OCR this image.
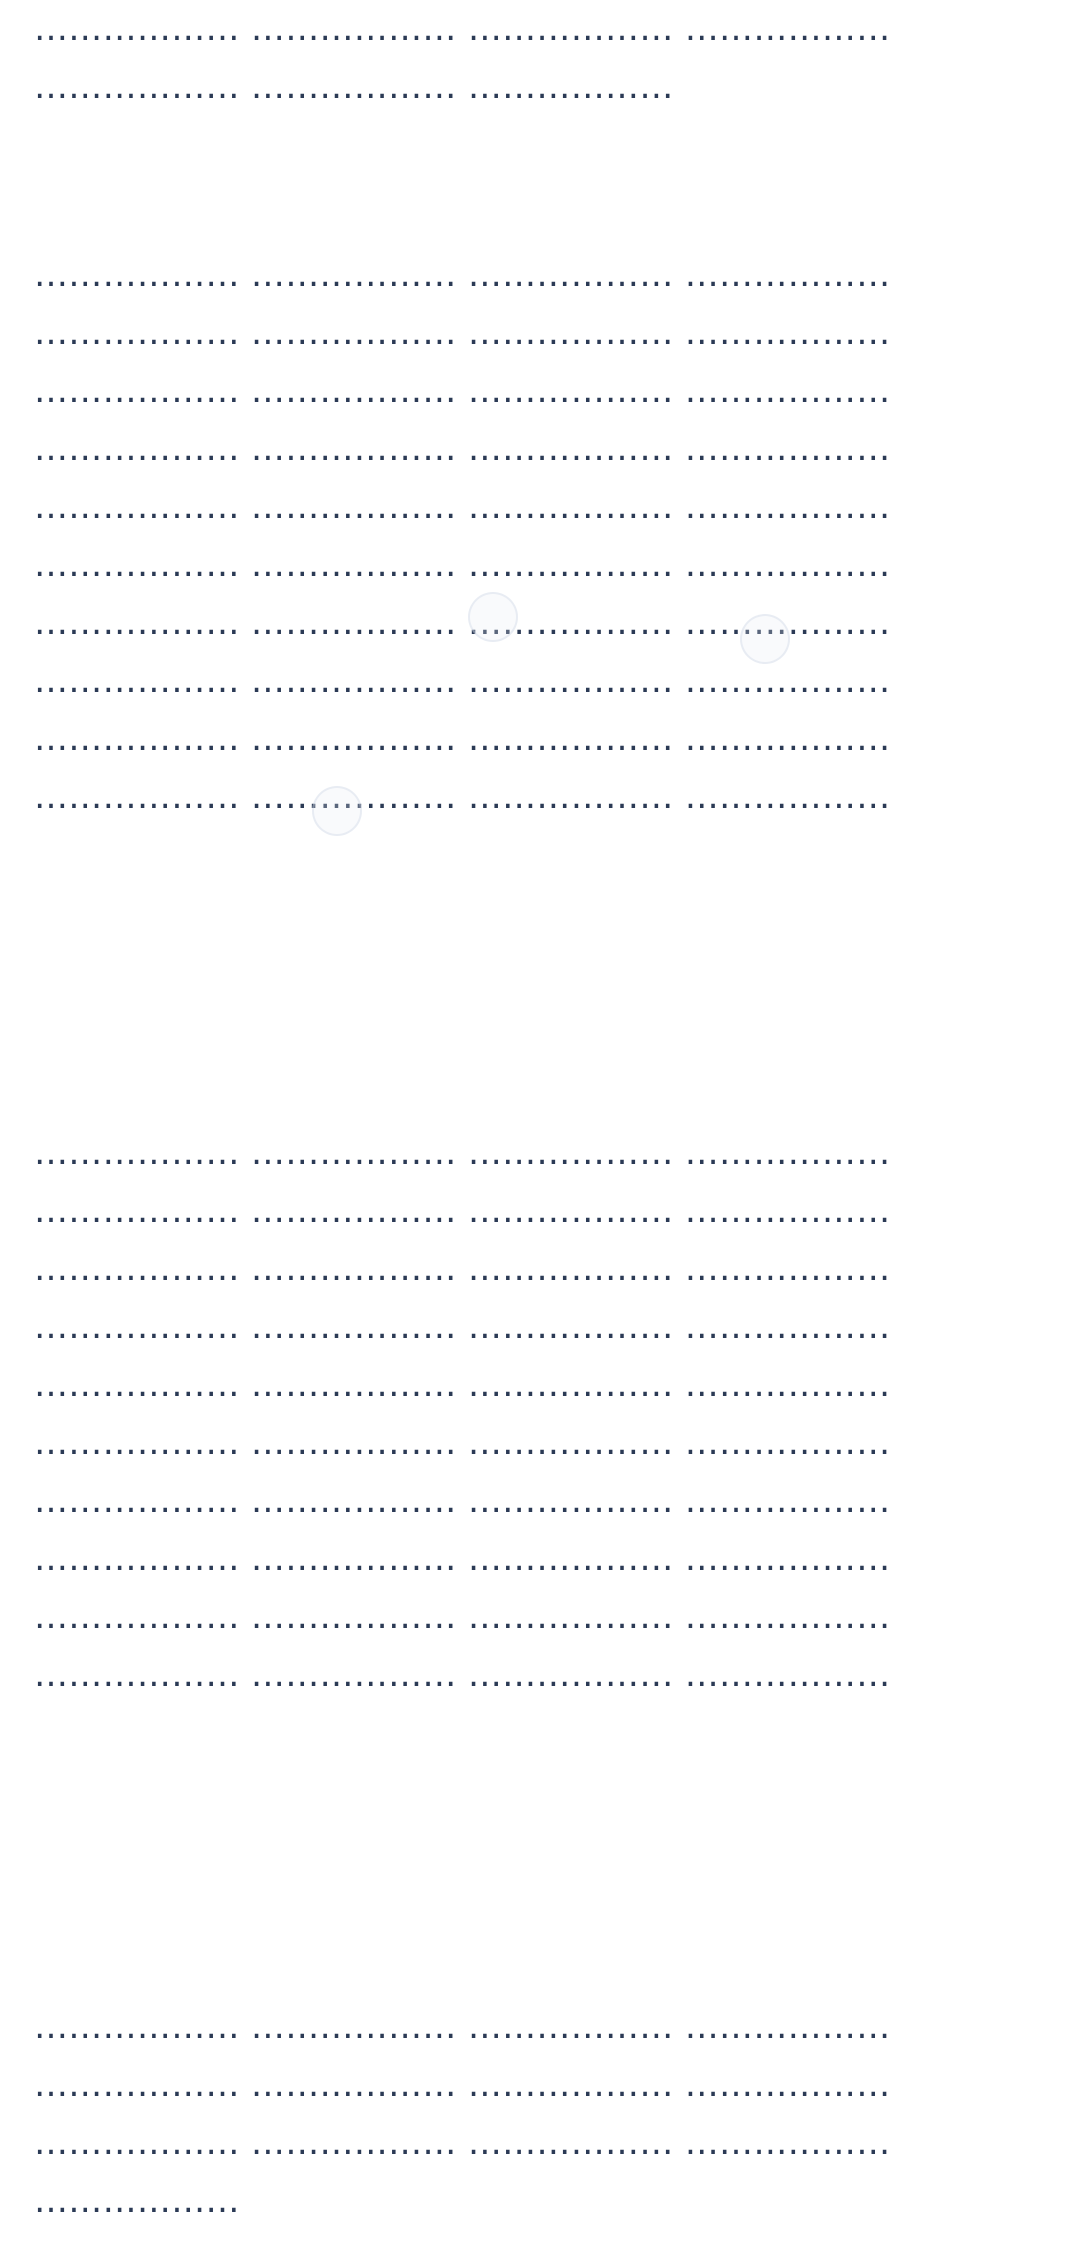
……………… ……………… ……………… ……………… ……………… ……………… ………………

……………… ……………… ……………… ……………… ……………… ……………… ……………… ……………… ……………… ……………… ……………… ……………… ……………… ……………… ……………… ……………… ……………… ……………… ……………… ……………… ……………… ……………… ……………… ……………… ……………… ……………… ……………… ……………… ……………… ……………… ……………… ……………… ……………… ……………… ……………… ……………… ……………… ……………… ……………… ………………

……………… ……………… ……………… ……………… ……………… ……………… ……………… ……………… ……………… ……………… ……………… ……………… ……………… ……………… ……………… ……………… ……………… ……………… ……………… ……………… ……………… ……………… ……………… ……………… ……………… ……………… ……………… ……………… ……………… ……………… ……………… ……………… ……………… ……………… ……………… ……………… ……………… ……………… ……………… ………………

……………… ……………… ……………… ……………… ……………… ……………… ……………… ……………… ……………… ……………… ……………… ……………… ………………
